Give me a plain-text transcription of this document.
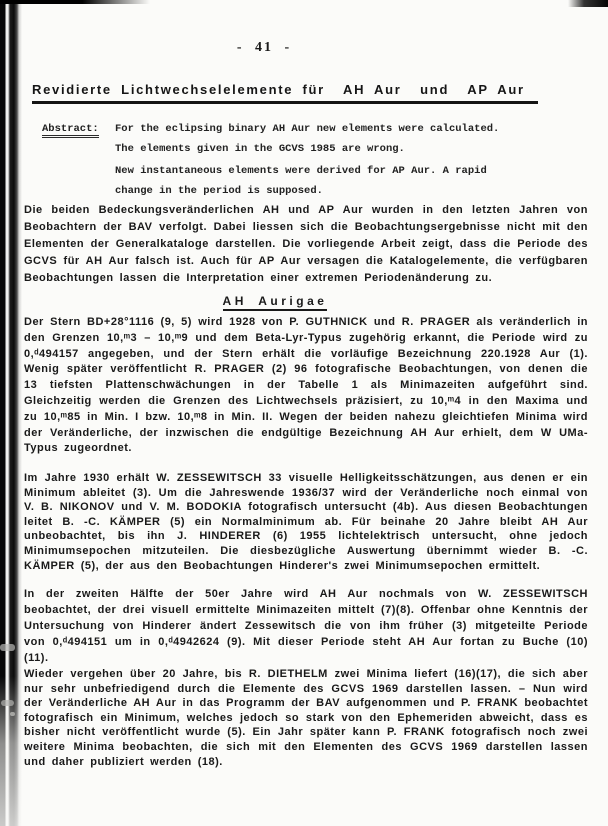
- 41 -
Revidierte Lichtwechselelemente für  AH Aur  und  AP Aur
Abstract:	For the eclipsing binary AH Aur new elements were calculated.
The elements given in the GCVS 1985 are wrong.
New instantaneous elements were derived for AP Aur. A rapid
change in the period is supposed.

Die beiden Bedeckungsveränderlichen AH und AP Aur wurden in den letzten Jahren von Beobachtern der BAV verfolgt. Dabei liessen sich die Beobachtungsergebnisse nicht mit den Elementen der Generalkataloge darstellen. Die vorliegende Arbeit zeigt, dass die Periode des GCVS für AH Aur falsch ist. Auch für AP Aur versagen die Katalogelemente, die verfügbaren Beobachtungen lassen die Interpretation einer extremen Periodenänderung zu.

AH Aurigae

Der Stern BD+28°1116 (9, 5) wird 1928 von P. GUTHNICK und R. PRAGER als veränderlich in den Grenzen 10,ᵐ3 – 10,ᵐ9 und dem Beta-Lyr-Typus zugehörig erkannt, die Periode wird zu 0,ᵈ494157 angegeben, und der Stern erhält die vorläufige Bezeichnung 220.1928 Aur (1). Wenig später veröffentlicht R. PRAGER (2) 96 fotografische Beobachtungen, von denen die 13 tiefsten Plattenschwächungen in der Tabelle 1 als Minimazeiten aufgeführt sind. Gleichzeitig werden die Grenzen des Lichtwechsels präzisiert, zu 10,ᵐ4 in den Maxima und zu 10,ᵐ85 in Min. I bzw. 10,ᵐ8 in Min. II. Wegen der beiden nahezu gleichtiefen Minima wird der Veränderliche, der inzwischen die endgültige Bezeichnung AH Aur erhielt, dem W UMa-Typus zugeordnet.

Im Jahre 1930 erhält W. ZESSEWITSCH 33 visuelle Helligkeitsschätzungen, aus denen er ein Minimum ableitet (3). Um die Jahreswende 1936/37 wird der Veränderliche noch einmal von V. B. NIKONOV und V. M. BODOKIA fotografisch untersucht (4b). Aus diesen Beobachtungen leitet B. -C. KÄMPER (5) ein Normalminimum ab. Für beinahe 20 Jahre bleibt AH Aur unbeobachtet, bis ihn J. HINDERER (6) 1955 lichtelektrisch untersucht, ohne jedoch Minimumsepochen mitzuteilen. Die diesbezügliche Auswertung übernimmt wieder B. -C. KÄMPER (5), der aus den Beobachtungen Hinderer's zwei Minimumsepochen ermittelt.

In der zweiten Hälfte der 50er Jahre wird AH Aur nochmals von W. ZESSEWITSCH beobachtet, der drei visuell ermittelte Minimazeiten mittelt (7)(8). Offenbar ohne Kenntnis der Untersuchung von Hinderer ändert Zessewitsch die von ihm früher (3) mitgeteilte Periode von 0,ᵈ494151 um in 0,ᵈ4942624 (9). Mit dieser Periode steht AH Aur fortan zu Buche (10)(11).

Wieder vergehen über 20 Jahre, bis R. DIETHELM zwei Minima liefert (16)(17), die sich aber nur sehr unbefriedigend durch die Elemente des GCVS 1969 darstellen lassen. – Nun wird der Veränderliche AH Aur in das Programm der BAV aufgenommen und P. FRANK beobachtet fotografisch ein Minimum, welches jedoch so stark von den Ephemeriden abweicht, dass es bisher nicht veröffentlicht wurde (5). Ein Jahr später kann P. FRANK fotografisch noch zwei weitere Minima beobachten, die sich mit den Elementen des GCVS 1969 darstellen lassen und daher publiziert werden (18).
